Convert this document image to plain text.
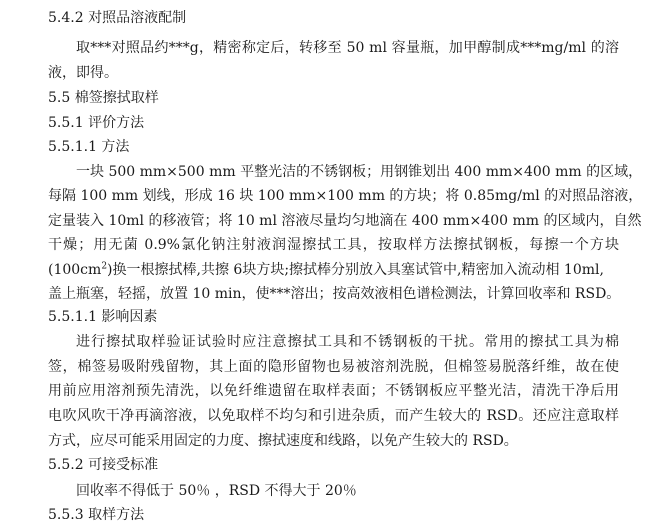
5.4.2 对照品溶液配制
取***对照品约***g，精密称定后，转移至 50 ml 容量瓶，加甲醇制成***mg/ml 的溶
液，即得。
5.5 棉签擦拭取样
5.5.1 评价方法
5.5.1.1 方法
一块 500 mm×500 mm 平整光洁的不锈钢板；用钢锥划出 400 mm×400 mm 的区域，
每隔 100 mm 划线，形成 16 块 100 mm×100 mm 的方块；将 0.85mg/ml 的对照品溶液，
定量装入 10ml 的移液管；将 10 ml 溶液尽量均匀地滴在 400 mm×400 mm 的区域内，自然
干燥；用无菌 0.9%氯化钠注射液润湿擦拭工具，按取样方法擦拭钢板，每擦一个方块
$(100cm^2)$换一根擦拭棒,共擦 6块方块;擦拭棒分别放入具塞试管中,精密加入流动相 10ml,
盖上瓶塞，轻摇，放置 10 min，使***溶出；按高效液相色谱检测法，计算回收率和 RSD。
5.5.1.1 影响因素
进行擦拭取样验证试验时应注意擦拭工具和不锈钢板的干扰。常用的擦拭工具为棉
签，棉签易吸附残留物，其上面的隐形留物也易被溶剂洗脱，但棉签易脱落纤维，故在使
用前应用溶剂预先清洗，以免纤维遗留在取样表面；不锈钢板应平整光洁，清洗干净后用
电吹风吹干净再滴溶液，以免取样不均匀和引进杂质，而产生较大的 RSD。还应注意取样
方式，应尽可能采用固定的力度、擦拭速度和线路，以免产生较大的 RSD。
5.5.2 可接受标准
回收率不得低于 50％ ，RSD 不得大于 20％
5.5.3 取样方法
